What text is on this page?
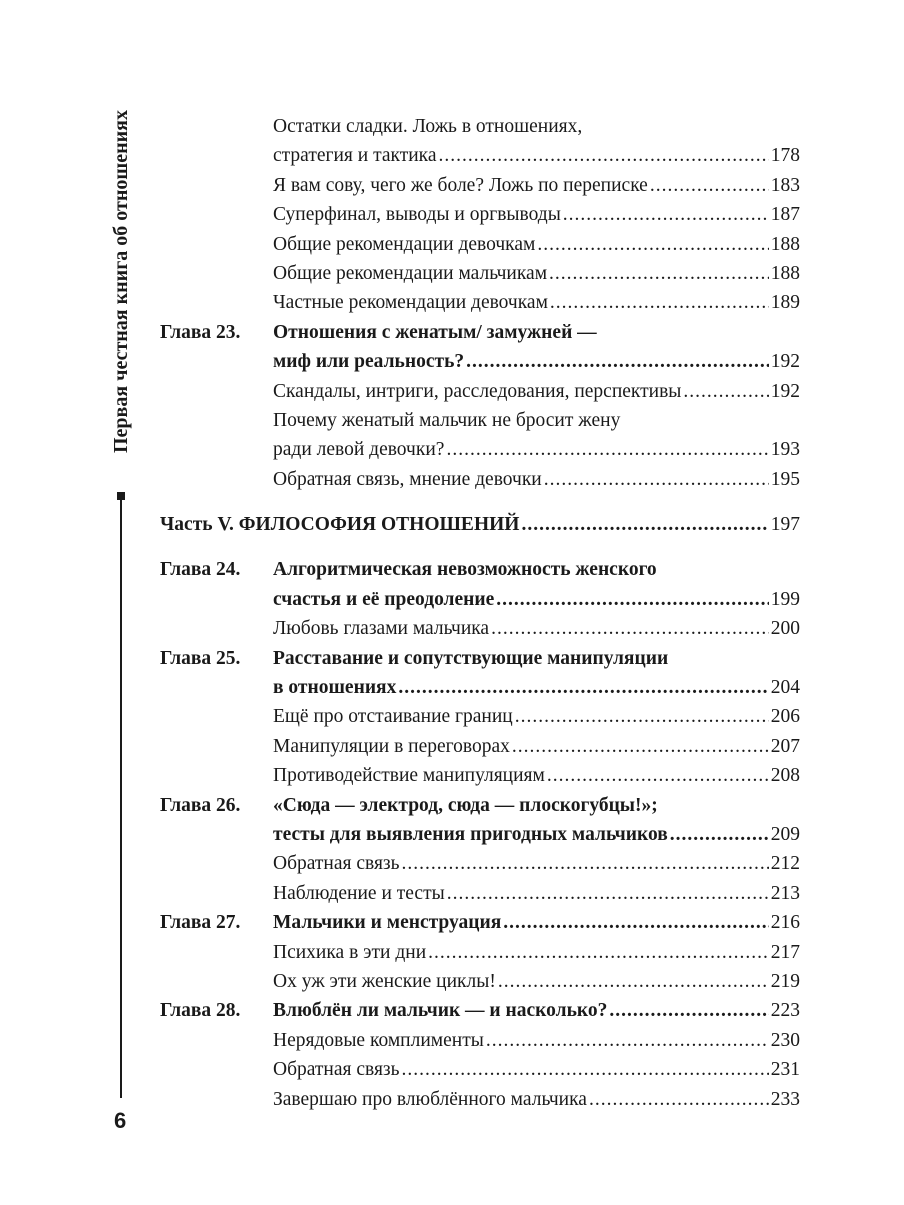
Первая честная книга об отношениях
6
Остатки сладки. Ложь в отношениях,
стратегия и тактика .....	178
Я вам сову, чего же боле? Ложь по переписке .....	183
Суперфинал, выводы и оргвыводы .....	187
Общие рекомендации девочкам .....	188
Общие рекомендации мальчикам .....	188
Частные рекомендации девочкам .....	189
Глава 23. Отношения с женатым/ замужней —
миф или реальность? .....	192
Скандалы, интриги, расследования, перспективы .....	192
Почему женатый мальчик не бросит жену
ради левой девочки? .....	193
Обратная связь, мнение девочки .....	195
Часть V. ФИЛОСОФИЯ ОТНОШЕНИЙ .....	197
Глава 24. Алгоритмическая невозможность женского
счастья и её преодоление .....	199
Любовь глазами мальчика .....	200
Глава 25. Расставание и сопутствующие манипуляции
в отношениях .....	204
Ещё про отстаивание границ .....	206
Манипуляции в переговорах .....	207
Противодействие манипуляциям .....	208
Глава 26. «Сюда — электрод, сюда — плоскогубцы!»;
тесты для выявления пригодных мальчиков .....	209
Обратная связь .....	212
Наблюдение и тесты .....	213
Глава 27. Мальчики и менструация .....	216
Психика в эти дни .....	217
Ох уж эти женские циклы! .....	219
Глава 28. Влюблён ли мальчик — и насколько? .....	223
Нерядовые комплименты .....	230
Обратная связь .....	231
Завершаю про влюблённого мальчика .....	233
